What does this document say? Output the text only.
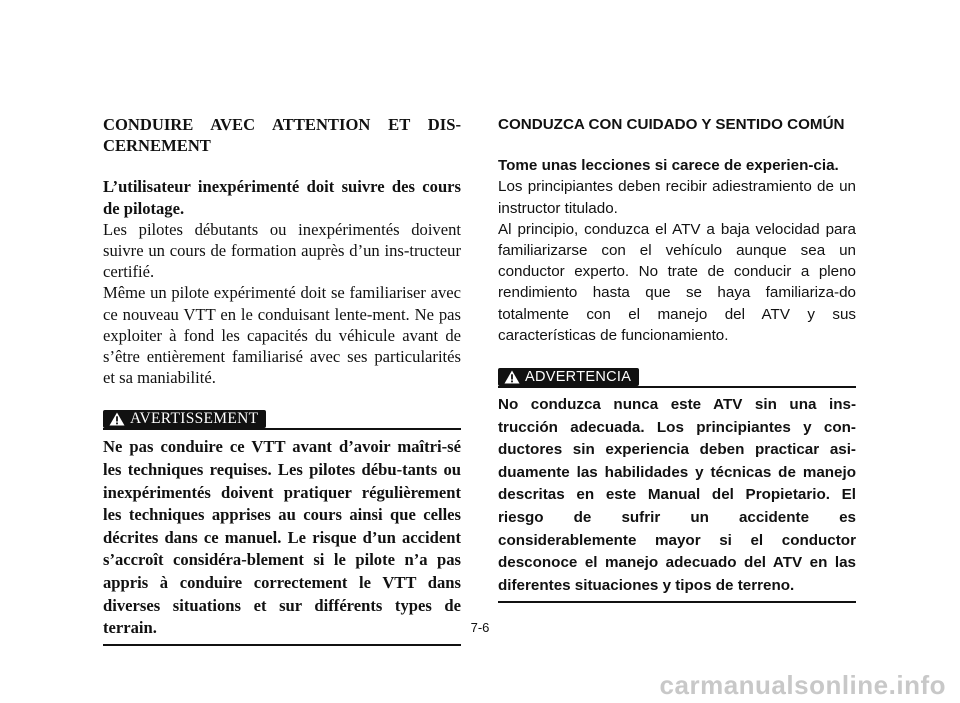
CONDUIRE AVEC ATTENTION ET DIS-CERNEMENT

L’utilisateur inexpérimenté doit suivre des cours de pilotage.

Les pilotes débutants ou inexpérimentés doivent suivre un cours de formation auprès d’un ins-tructeur certifié.

Même un pilote expérimenté doit se familiariser avec ce nouveau VTT en le conduisant lente-ment. Ne pas exploiter à fond les capacités du véhicule avant de s’être entièrement familiarisé avec ses particularités et sa maniabilité.

AVERTISSEMENT

Ne pas conduire ce VTT avant d’avoir maîtri-sé les techniques requises. Les pilotes débu-tants ou inexpérimentés doivent pratiquer régulièrement les techniques apprises au cours ainsi que celles décrites dans ce manuel. Le risque d’un accident s’accroît considéra-blement si le pilote n’a pas appris à conduire correctement le VTT dans diverses situations et sur différents types de terrain.

CONDUZCA CON CUIDADO Y SENTIDO COMÚN

Tome unas lecciones si carece de experien-cia.

Los principiantes deben recibir adiestramiento de un instructor titulado.

Al principio, conduzca el ATV a baja velocidad para familiarizarse con el vehículo aunque sea un conductor experto. No trate de conducir a pleno rendimiento hasta que se haya familiariza-do totalmente con el manejo del ATV y sus características de funcionamiento.

ADVERTENCIA

No conduzca nunca este ATV sin una ins-trucción adecuada. Los principiantes y con-ductores sin experiencia deben practicar asi-duamente las habilidades y técnicas de manejo descritas en este Manual del Propietario. El riesgo de sufrir un accidente es considerablemente mayor si el conductor desconoce el manejo adecuado del ATV en las diferentes situaciones y tipos de terreno.

7-6
carmanualsonline.info
